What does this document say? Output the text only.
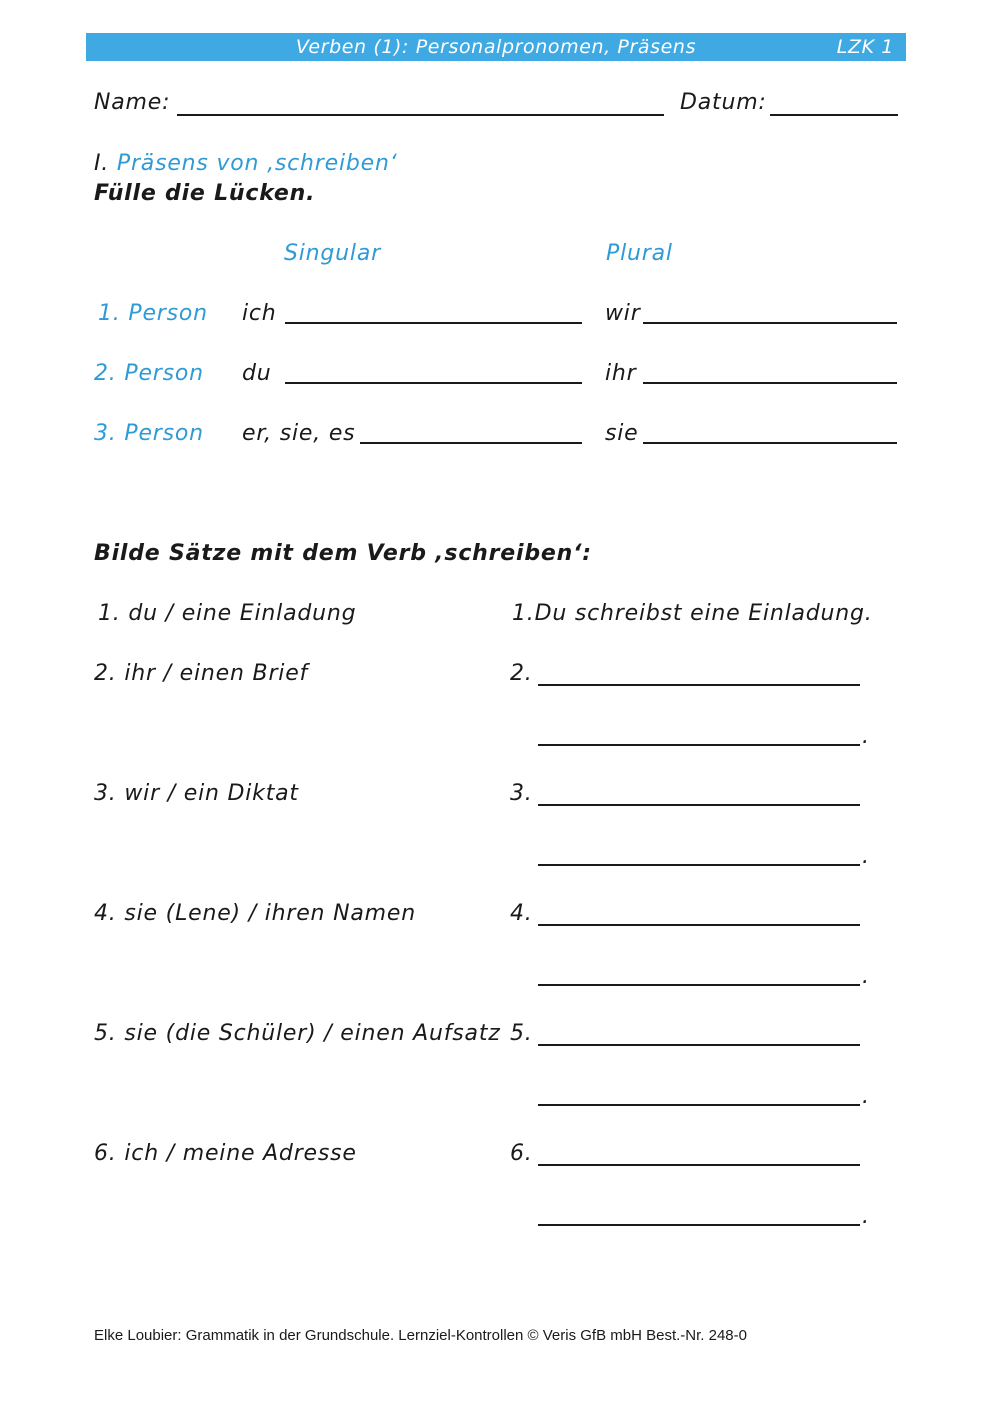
Verben (1): Personalpronomen, Präsens	LZK 1
Name:	Datum:
I. Präsens von ‚schreiben‘
Fülle die Lücken.
Singular	Plural
1. Person ich	wir
2. Person du	ihr
3. Person er, sie, es	sie
Bilde Sätze mit dem Verb ‚schreiben‘:
1. du / eine Einladung	1.Du schreibst eine Einladung.
2. ihr / einen Brief	2.
.
3. wir / ein Diktat	3.
.
4. sie (Lene) / ihren Namen	4.
.
5. sie (die Schüler) / einen Aufsatz 5.
.
6. ich / meine Adresse	6.
.
Elke Loubier: Grammatik in der Grundschule. Lernziel-Kontrollen © Veris GfB mbH Best.-Nr. 248-0
